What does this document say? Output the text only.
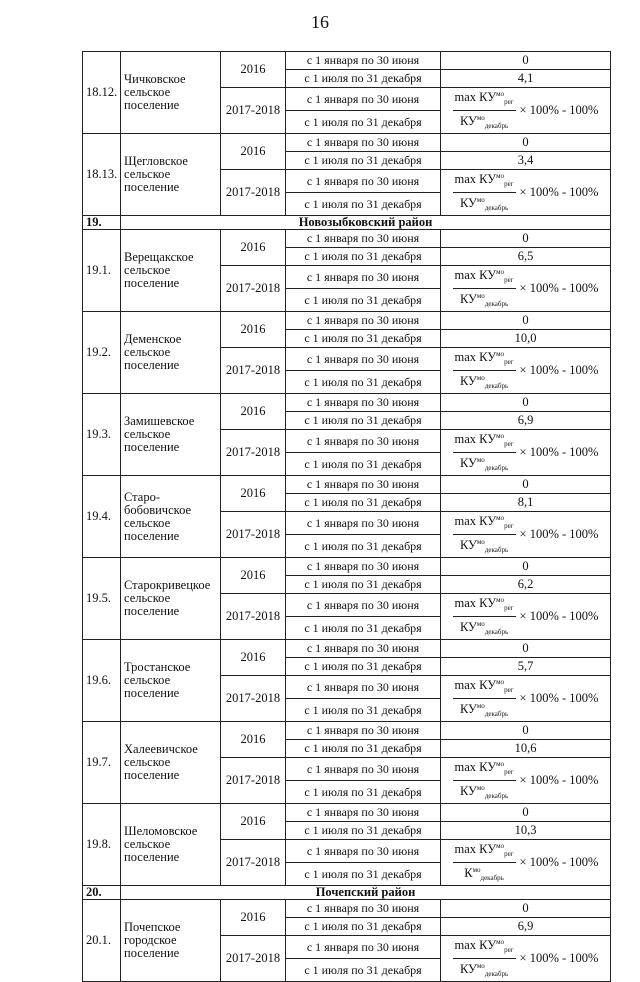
16
18.12.	Чичковское сельское поселение	2016	с 1 января по 30 июня	0
			с 1 июля по 31 декабря	4,1
		2017-2018	с 1 января по 30 июня	$\frac{\max КУ^{мо}_{рег}}{КУ^{мо}_{декабрь}} \times 100\% - 100\%$

			с 1 июля по 31 декабря	
18.13.	Щегловское сельское поселение	2016	с 1 января по 30 июня	0
			с 1 июля по 31 декабря	3,4
		2017-2018	с 1 января по 30 июня	$\frac{\max КУ^{мо}_{рег}}{КУ^{мо}_{декабрь}} \times 100\% - 100\%$

			с 1 июля по 31 декабря	
19.	Новозыбковский район			
19.1.	Верещакское сельское поселение	2016	с 1 января по 30 июня	0
			с 1 июля по 31 декабря	6,5
		2017-2018	с 1 января по 30 июня	$\frac{\max КУ^{мо}_{рег}}{КУ^{мо}_{декабрь}} \times 100\% - 100\%$

			с 1 июля по 31 декабря	
19.2.	Деменское сельское поселение	2016	с 1 января по 30 июня	0
			с 1 июля по 31 декабря	10,0
		2017-2018	с 1 января по 30 июня	$\frac{\max КУ^{мо}_{рег}}{КУ^{мо}_{декабрь}} \times 100\% - 100\%$

			с 1 июля по 31 декабря	
19.3.	Замишевское сельское поселение	2016	с 1 января по 30 июня	0
			с 1 июля по 31 декабря	6,9
		2017-2018	с 1 января по 30 июня	$\frac{\max КУ^{мо}_{рег}}{КУ^{мо}_{декабрь}} \times 100\% - 100\%$

			с 1 июля по 31 декабря	
19.4.	Старо-бобовичское сельское поселение	2016	с 1 января по 30 июня	0
			с 1 июля по 31 декабря	8,1
		2017-2018	с 1 января по 30 июня	$\frac{\max КУ^{мо}_{рег}}{КУ^{мо}_{декабрь}} \times 100\% - 100\%$

			с 1 июля по 31 декабря	
19.5.	Старокривецкое сельское поселение	2016	с 1 января по 30 июня	0
			с 1 июля по 31 декабря	6,2
		2017-2018	с 1 января по 30 июня	$\frac{\max КУ^{мо}_{рег}}{КУ^{мо}_{декабрь}} \times 100\% - 100\%$

			с 1 июля по 31 декабря	
19.6.	Тростанское сельское поселение	2016	с 1 января по 30 июня	0
			с 1 июля по 31 декабря	5,7
		2017-2018	с 1 января по 30 июня	$\frac{\max КУ^{мо}_{рег}}{КУ^{мо}_{декабрь}} \times 100\% - 100\%$

			с 1 июля по 31 декабря	
19.7.	Халеевичское сельское поселение	2016	с 1 января по 30 июня	0
			с 1 июля по 31 декабря	10,6
		2017-2018	с 1 января по 30 июня	$\frac{\max КУ^{мо}_{рег}}{КУ^{мо}_{декабрь}} \times 100\% - 100\%$

			с 1 июля по 31 декабря	
19.8.	Шеломовское сельское поселение	2016	с 1 января по 30 июня	0
			с 1 июля по 31 декабря	10,3
		2017-2018	с 1 января по 30 июня	$\frac{\max КУ^{мо}_{рег}}{К^{мо}_{декабрь}} \times 100\% - 100\%$

			с 1 июля по 31 декабря	
20.	Почепский район			
20.1.	Почепское городское поселение	2016	с 1 января по 30 июня	0
			с 1 июля по 31 декабря	6,9
		2017-2018	с 1 января по 30 июня	$\frac{\max КУ^{мо}_{рег}}{КУ^{мо}_{декабрь}} \times 100\% - 100\%$

			с 1 июля по 31 декабря	
